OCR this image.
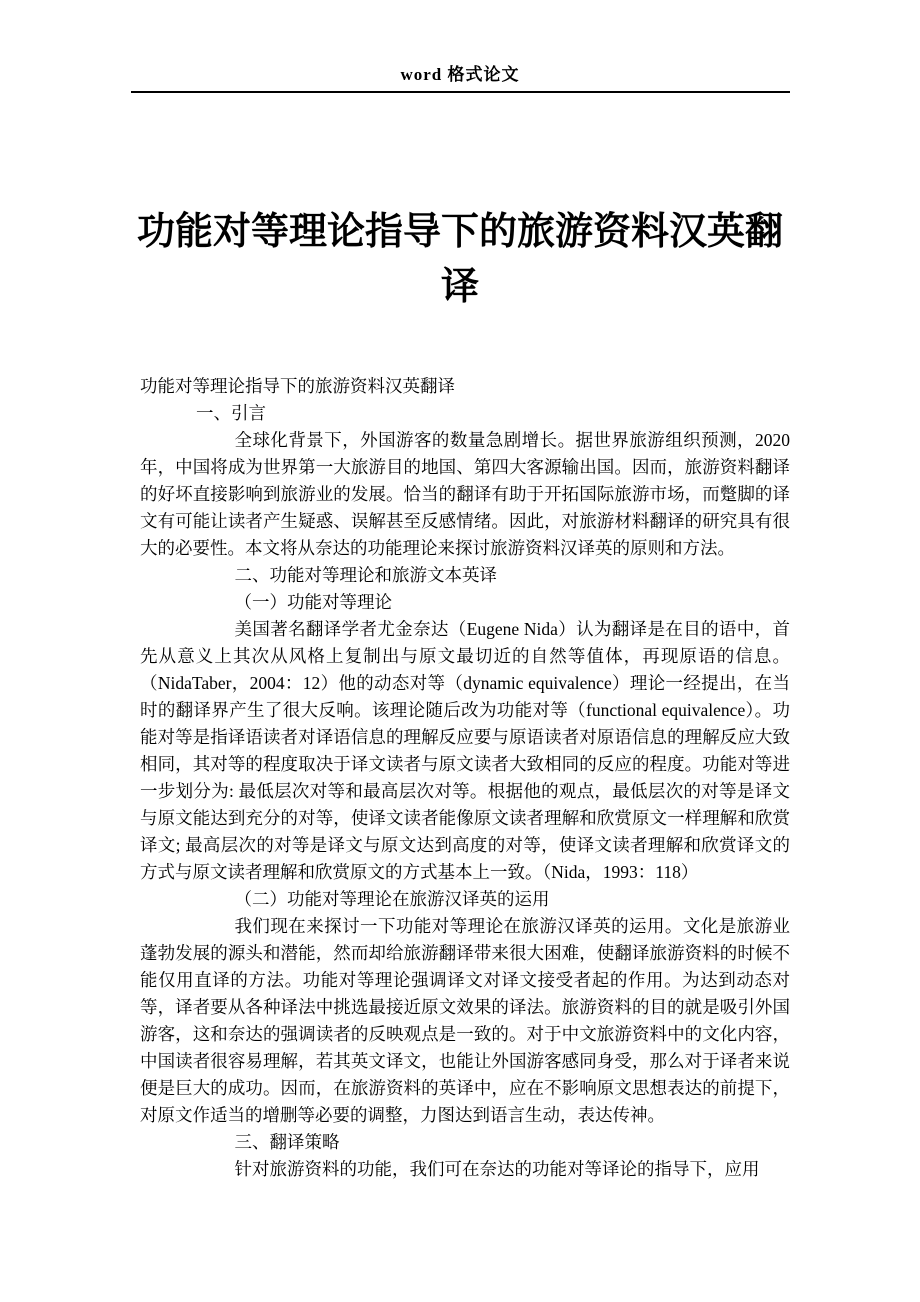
word 格式论文
功能对等理论指导下的旅游资料汉英翻译

功能对等理论指导下的旅游资料汉英翻译

一、引言

全球化背景下，外国游客的数量急剧增长。据世界旅游组织预测，2020年，中国将成为世界第一大旅游目的地国、第四大客源输出国。因而，旅游资料翻译的好坏直接影响到旅游业的发展。恰当的翻译有助于开拓国际旅游市场，而蹩脚的译文有可能让读者产生疑惑、误解甚至反感情绪。因此，对旅游材料翻译的研究具有很大的必要性。本文将从奈达的功能理论来探讨旅游资料汉译英的原则和方法。

二、功能对等理论和旅游文本英译

（一）功能对等理论

美国著名翻译学者尤金奈达（Eugene Nida）认为翻译是在目的语中，首先从意义上其次从风格上复制出与原文最切近的自然等值体，再现原语的信息。（NidaTaber，2004：12）他的动态对等（dynamic equivalence）理论一经提出，在当时的翻译界产生了很大反响。该理论随后改为功能对等（functional equivalence）。功能对等是指译语读者对译语信息的理解反应要与原语读者对原语信息的理解反应大致相同，其对等的程度取决于译文读者与原文读者大致相同的反应的程度。功能对等进一步划分为: 最低层次对等和最高层次对等。根据他的观点，最低层次的对等是译文与原文能达到充分的对等，使译文读者能像原文读者理解和欣赏原文一样理解和欣赏译文; 最高层次的对等是译文与原文达到高度的对等，使译文读者理解和欣赏译文的方式与原文读者理解和欣赏原文的方式基本上一致。（Nida，1993：118）

（二）功能对等理论在旅游汉译英的运用

我们现在来探讨一下功能对等理论在旅游汉译英的运用。文化是旅游业蓬勃发展的源头和潜能，然而却给旅游翻译带来很大困难，使翻译旅游资料的时候不能仅用直译的方法。功能对等理论强调译文对译文接受者起的作用。为达到动态对等，译者要从各种译法中挑选最接近原文效果的译法。旅游资料的目的就是吸引外国游客，这和奈达的强调读者的反映观点是一致的。对于中文旅游资料中的文化内容，中国读者很容易理解，若其英文译文，也能让外国游客感同身受，那么对于译者来说便是巨大的成功。因而，在旅游资料的英译中，应在不影响原文思想表达的前提下，对原文作适当的增删等必要的调整，力图达到语言生动，表达传神。

三、翻译策略

针对旅游资料的功能，我们可在奈达的功能对等译论的指导下，应用
